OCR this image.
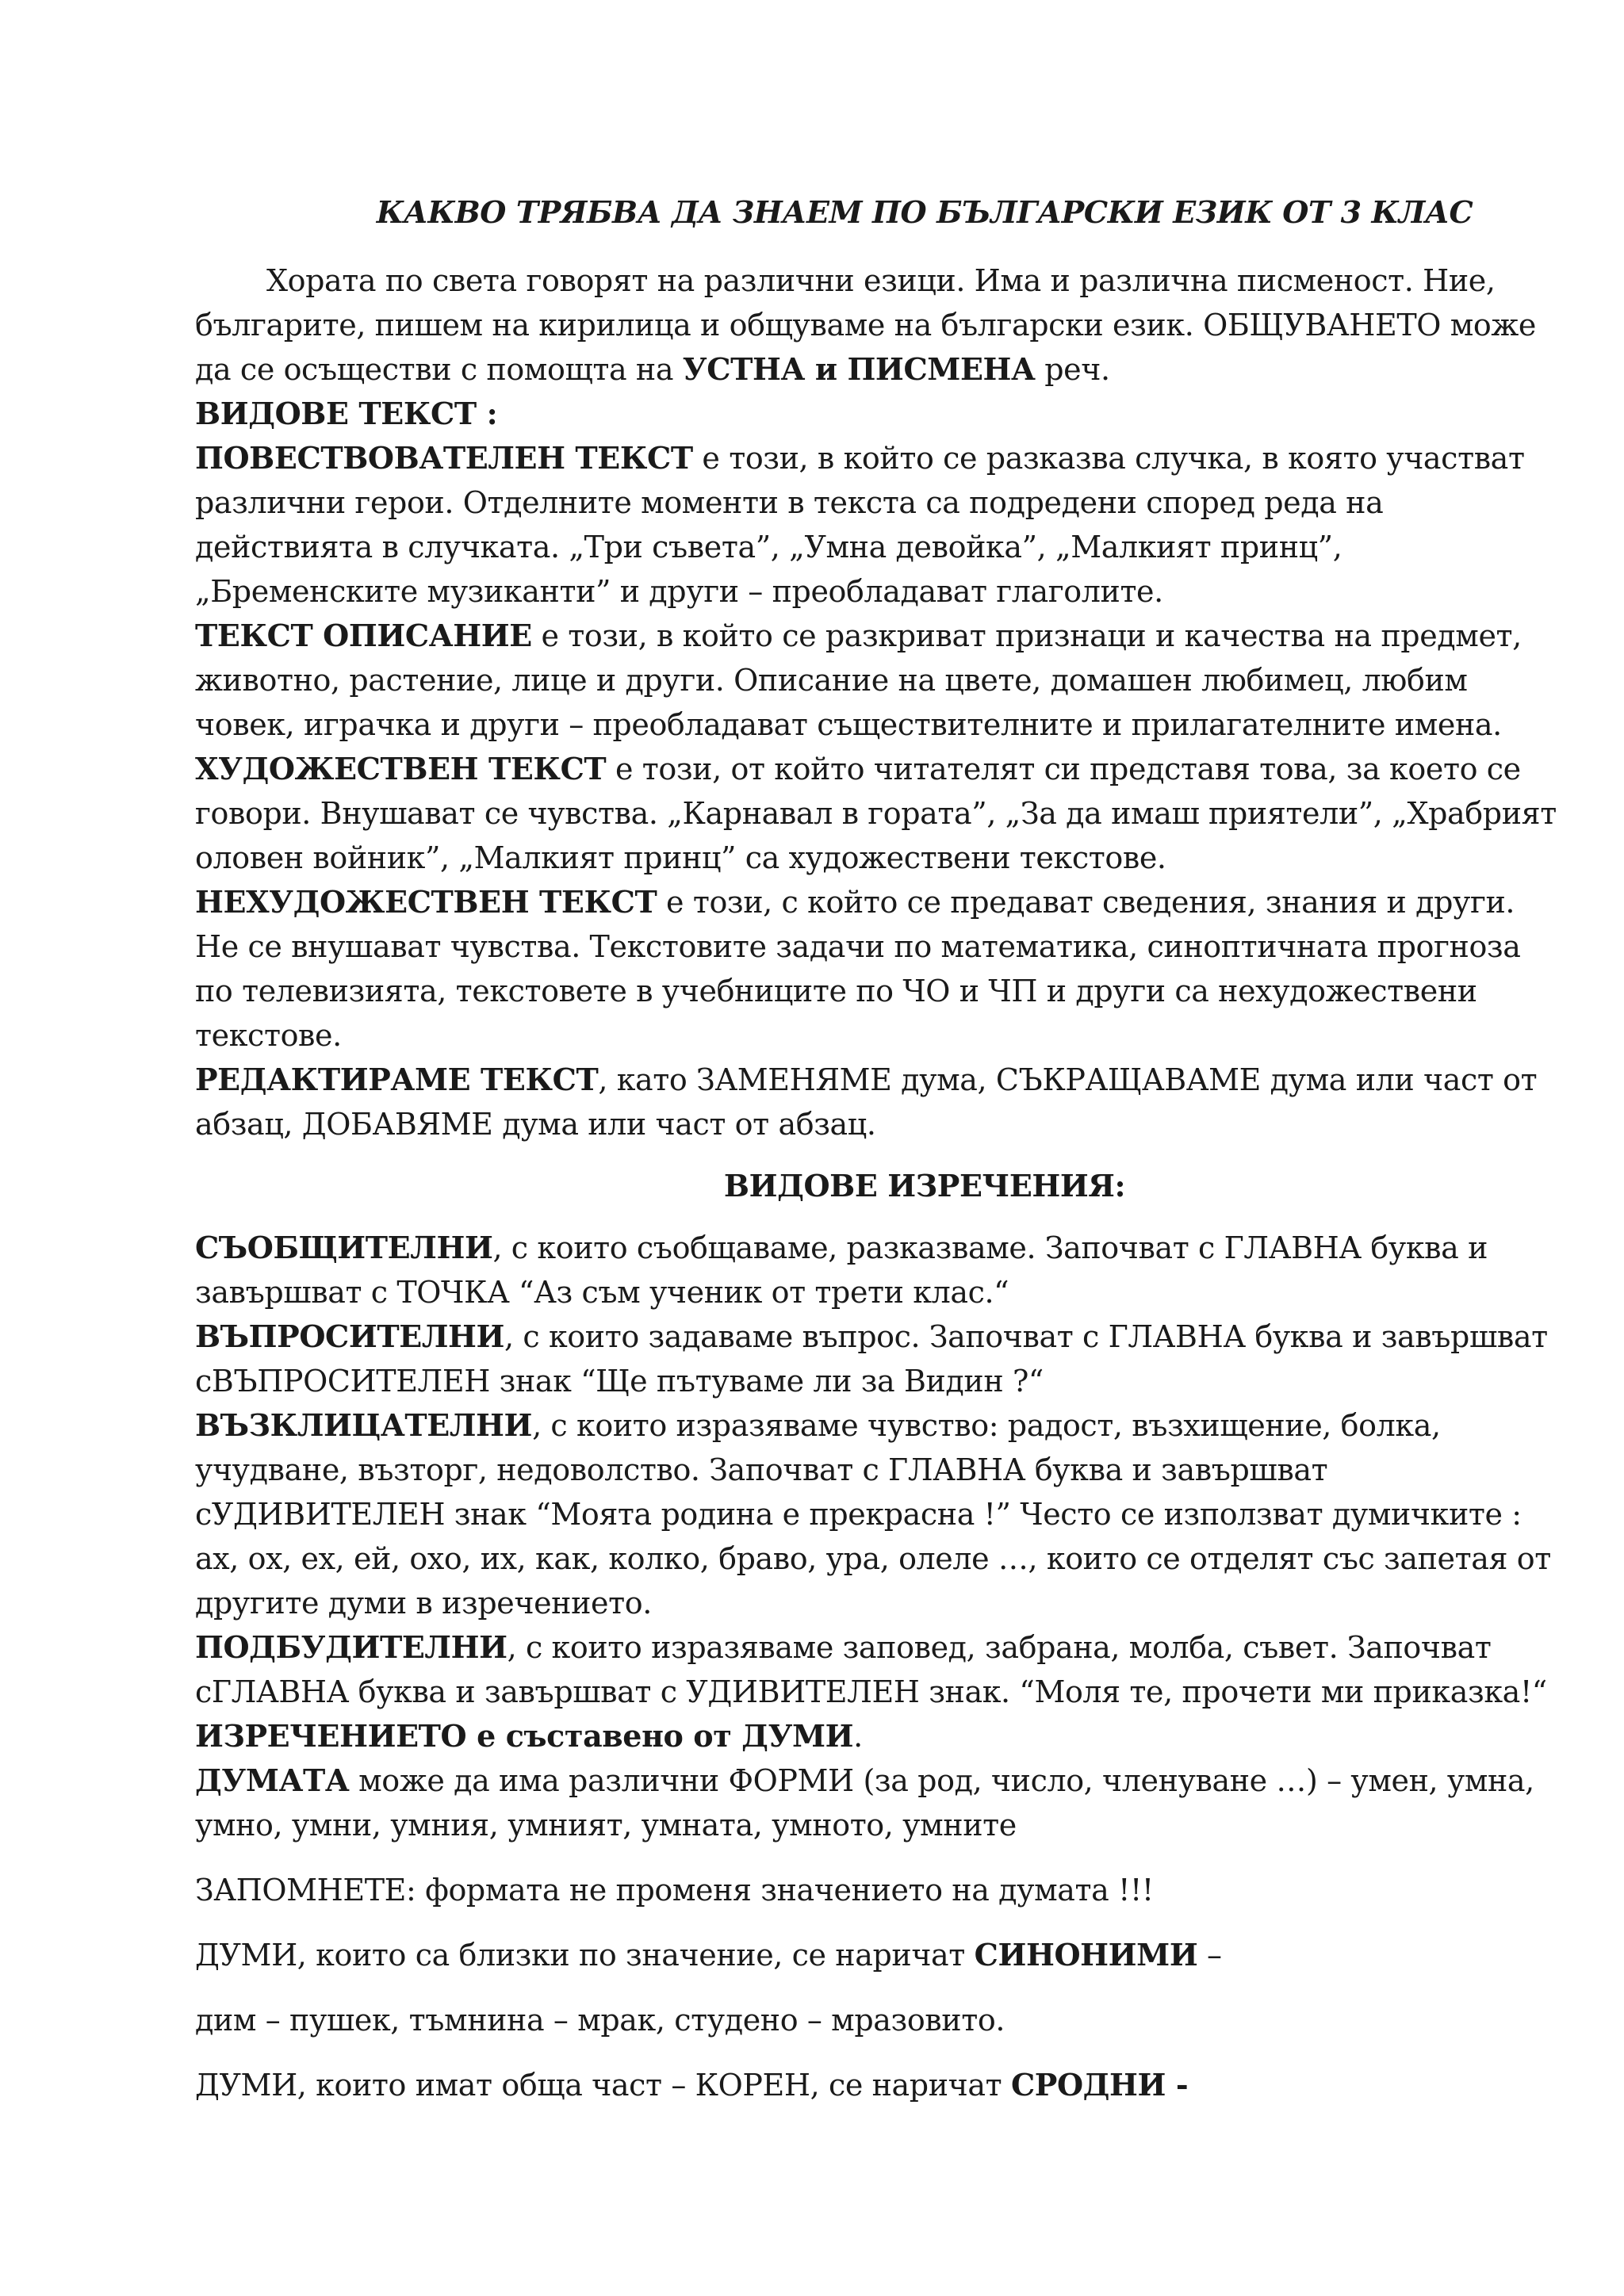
КАКВО ТРЯБВА ДА ЗНАЕМ ПО БЪЛГАРСКИ ЕЗИК ОТ 3 КЛАС

Хората по света говорят на различни езици. Има и различна писменост. Ние, българите, пишем на кирилица и общуваме на български език. ОБЩУВАНЕТО може да се осъществи с помощта на УСТНА и ПИСМЕНА реч.

ВИДОВЕ ТЕКСТ :

ПОВЕСТВОВАТЕЛЕН ТЕКСТ е този, в който се разказва случка, в която участват различни герои. Отделните моменти в текста са подредени според реда на действията в случката. „Три съвета”, „Умна девойка”, „Малкият принц”, „Бременските музиканти” и други – преобладават глаголите.

ТЕКСТ ОПИСАНИЕ е този, в който се разкриват признаци и качества на предмет, животно, растение, лице и други. Описание на цвете, домашен любимец, любим човек, играчка и други – преобладават съществителните и прилагателните имена.

ХУДОЖЕСТВЕН ТЕКСТ е този, от който читателят си представя това, за което се говори. Внушават се чувства. „Карнавал в гората”, „За да имаш приятели”, „Храбрият оловен войник”, „Малкият принц” са художествени текстове.

НЕХУДОЖЕСТВЕН ТЕКСТ е този, с който се предават сведения, знания и други. Не се внушават чувства. Текстовите задачи по математика, синоптичната прогноза по телевизията, текстовете в учебниците по ЧО и ЧП и други са нехудожествени текстове.

РЕДАКТИРАМЕ ТЕКСТ, като ЗАМЕНЯМЕ дума, СЪКРАЩАВАМЕ дума или част от абзац, ДОБАВЯМЕ дума или част от абзац.

ВИДОВЕ ИЗРЕЧЕНИЯ:

СЪОБЩИТЕЛНИ, с които съобщаваме, разказваме. Започват с ГЛАВНА буква и завършват с ТОЧКА “Аз съм ученик от трети клас.“

ВЪПРОСИТЕЛНИ, с които задаваме въпрос. Започват с ГЛАВНА буква и завършват сВЪПРОСИТЕЛЕН знак “Ще пътуваме ли за Видин ?“

ВЪЗКЛИЦАТЕЛНИ, с които изразяваме чувство: радост, възхищение, болка, учудване, възторг, недоволство. Започват с ГЛАВНА буква и завършват сУДИВИТЕЛЕН знак “Моята родина е прекрасна !” Често се използват думичките : ах, ох, ех, ей, охо, их, как, колко, браво, ура, олеле …, които се отделят със запетая от другите думи в изречението.

ПОДБУДИТЕЛНИ, с които изразяваме заповед, забрана, молба, съвет. Започват сГЛАВНА буква и завършват с УДИВИТЕЛЕН знак. “Моля те, прочети ми приказка!“

ИЗРЕЧЕНИЕТО е съставено от ДУМИ.

ДУМАТА може да има различни ФОРМИ (за род, число, членуване …) – умен, умна, умно, умни, умния, умният, умната, умното, умните

ЗАПОМНЕТЕ: формата не променя значението на думата !!!

ДУМИ, които са близки по значение, се наричат СИНОНИМИ –

дим – пушек, тъмнина – мрак, студено – мразовито.

ДУМИ, които имат обща част – КОРЕН, се наричат СРОДНИ -
